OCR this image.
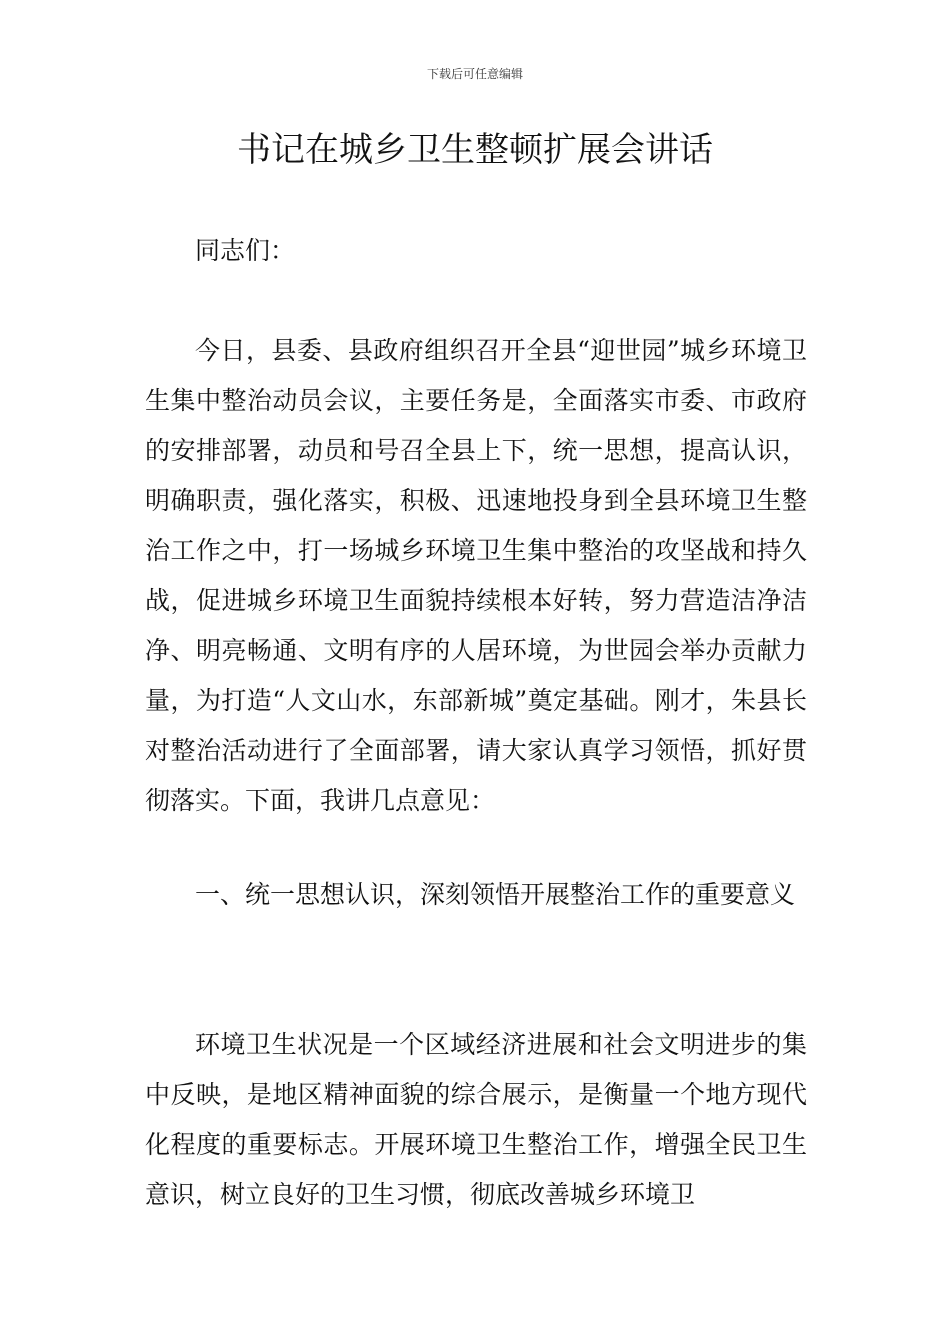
下载后可任意编辑
书记在城乡卫生整顿扩展会讲话

同志们：

今日，县委、县政府组织召开全县“迎世园”城乡环境卫生集中整治动员会议，主要任务是，全面落实市委、市政府的安排部署，动员和号召全县上下，统一思想，提高认识，明确职责，强化落实，积极、迅速地投身到全县环境卫生整治工作之中，打一场城乡环境卫生集中整治的攻坚战和持久战，促进城乡环境卫生面貌持续根本好转，努力营造洁净洁净、明亮畅通、文明有序的人居环境，为世园会举办贡献力量，为打造“人文山水，东部新城”奠定基础。刚才，朱县长对整治活动进行了全面部署，请大家认真学习领悟，抓好贯彻落实。下面，我讲几点意见：

一、统一思想认识，深刻领悟开展整治工作的重要意义

环境卫生状况是一个区域经济进展和社会文明进步的集中反映，是地区精神面貌的综合展示，是衡量一个地方现代化程度的重要标志。开展环境卫生整治工作，增强全民卫生意识，树立良好的卫生习惯，彻底改善城乡环境卫
